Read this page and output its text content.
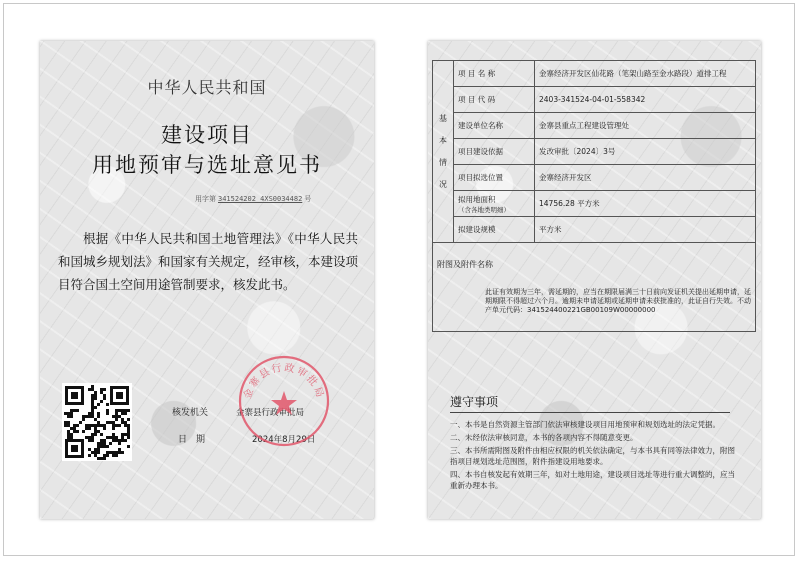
中华人民共和国
建设项目
用地预审与选址意见书
用字第 341524202 4XS0034482 号
根据《中华人民共和国土地管理法》《中华人民共和国城乡规划法》和国家有关规定，经审核，本建设项目符合国土空间用途管制要求，核发此书。
核发机关	金寨县行政审批局
日　期	2024年8月29日
金寨县行政审批局
基
本
情
况	项 目 名 称	金寨经济开发区仙花路（笔架山路至金水路段）道排工程
	项 目 代 码	2403-341524-04-01-558342
	建设单位名称	金寨县重点工程建设管理处
	项目建设依据	发改审批〔2024〕3号
	项目拟选位置	金寨经济开发区
	拟用地面积
（含各地类明细）	14756.28 平方米
	拟建设规模	平方米

附图及附件名称
此证有效期为三年，需延期的，应当在期限届满三十日前向发证机关提出延期申请，延期期限不得超过六个月。逾期未申请延期或延期申请未获批准的，此证自行失效。不动产单元代码：341524400221GB00109W00000000		
遵守事项
一、本书是自然资源主管部门依法审核建设项目用地预审和规划选址的法定凭据。
二、未经依法审核同意，本书的各项内容不得随意变更。
三、本书所需附图及附件由相应权限的机关依法确定，与本书具有同等法律效力，附图指项目规划选址范围图，附件指建设用地要求。
四、本书自核发起有效期三年，如对土地用途，建设项目选址等进行重大调整的，应当重新办理本书。
